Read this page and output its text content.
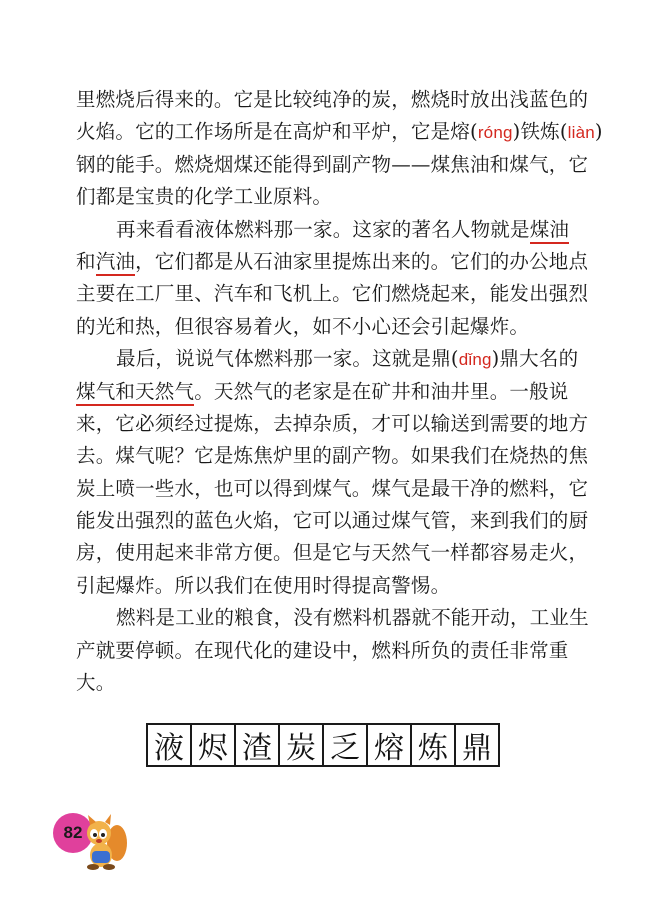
里燃烧后得来的。它是比较纯净的炭，燃烧时放出浅蓝色的
火焰。它的工作场所是在高炉和平炉，它是熔(róng)铁炼(liàn)
钢的能手。燃烧烟煤还能得到副产物——煤焦油和煤气，它
们都是宝贵的化学工业原料。
再来看看液体燃料那一家。这家的著名人物就是煤油
和汽油，它们都是从石油家里提炼出来的。它们的办公地点
主要在工厂里、汽车和飞机上。它们燃烧起来，能发出强烈
的光和热，但很容易着火，如不小心还会引起爆炸。
最后，说说气体燃料那一家。这就是鼎(dǐng)鼎大名的
煤气和天然气。天然气的老家是在矿井和油井里。一般说
来，它必须经过提炼，去掉杂质，才可以输送到需要的地方
去。煤气呢？它是炼焦炉里的副产物。如果我们在烧热的焦
炭上喷一些水，也可以得到煤气。煤气是最干净的燃料，它
能发出强烈的蓝色火焰，它可以通过煤气管，来到我们的厨
房，使用起来非常方便。但是它与天然气一样都容易走火，
引起爆炸。所以我们在使用时得提高警惕。
燃料是工业的粮食，没有燃料机器就不能开动，工业生
产就要停顿。在现代化的建设中，燃料所负的责任非常重
大。
液 烬 渣 炭 乏 熔 炼 鼎
82
